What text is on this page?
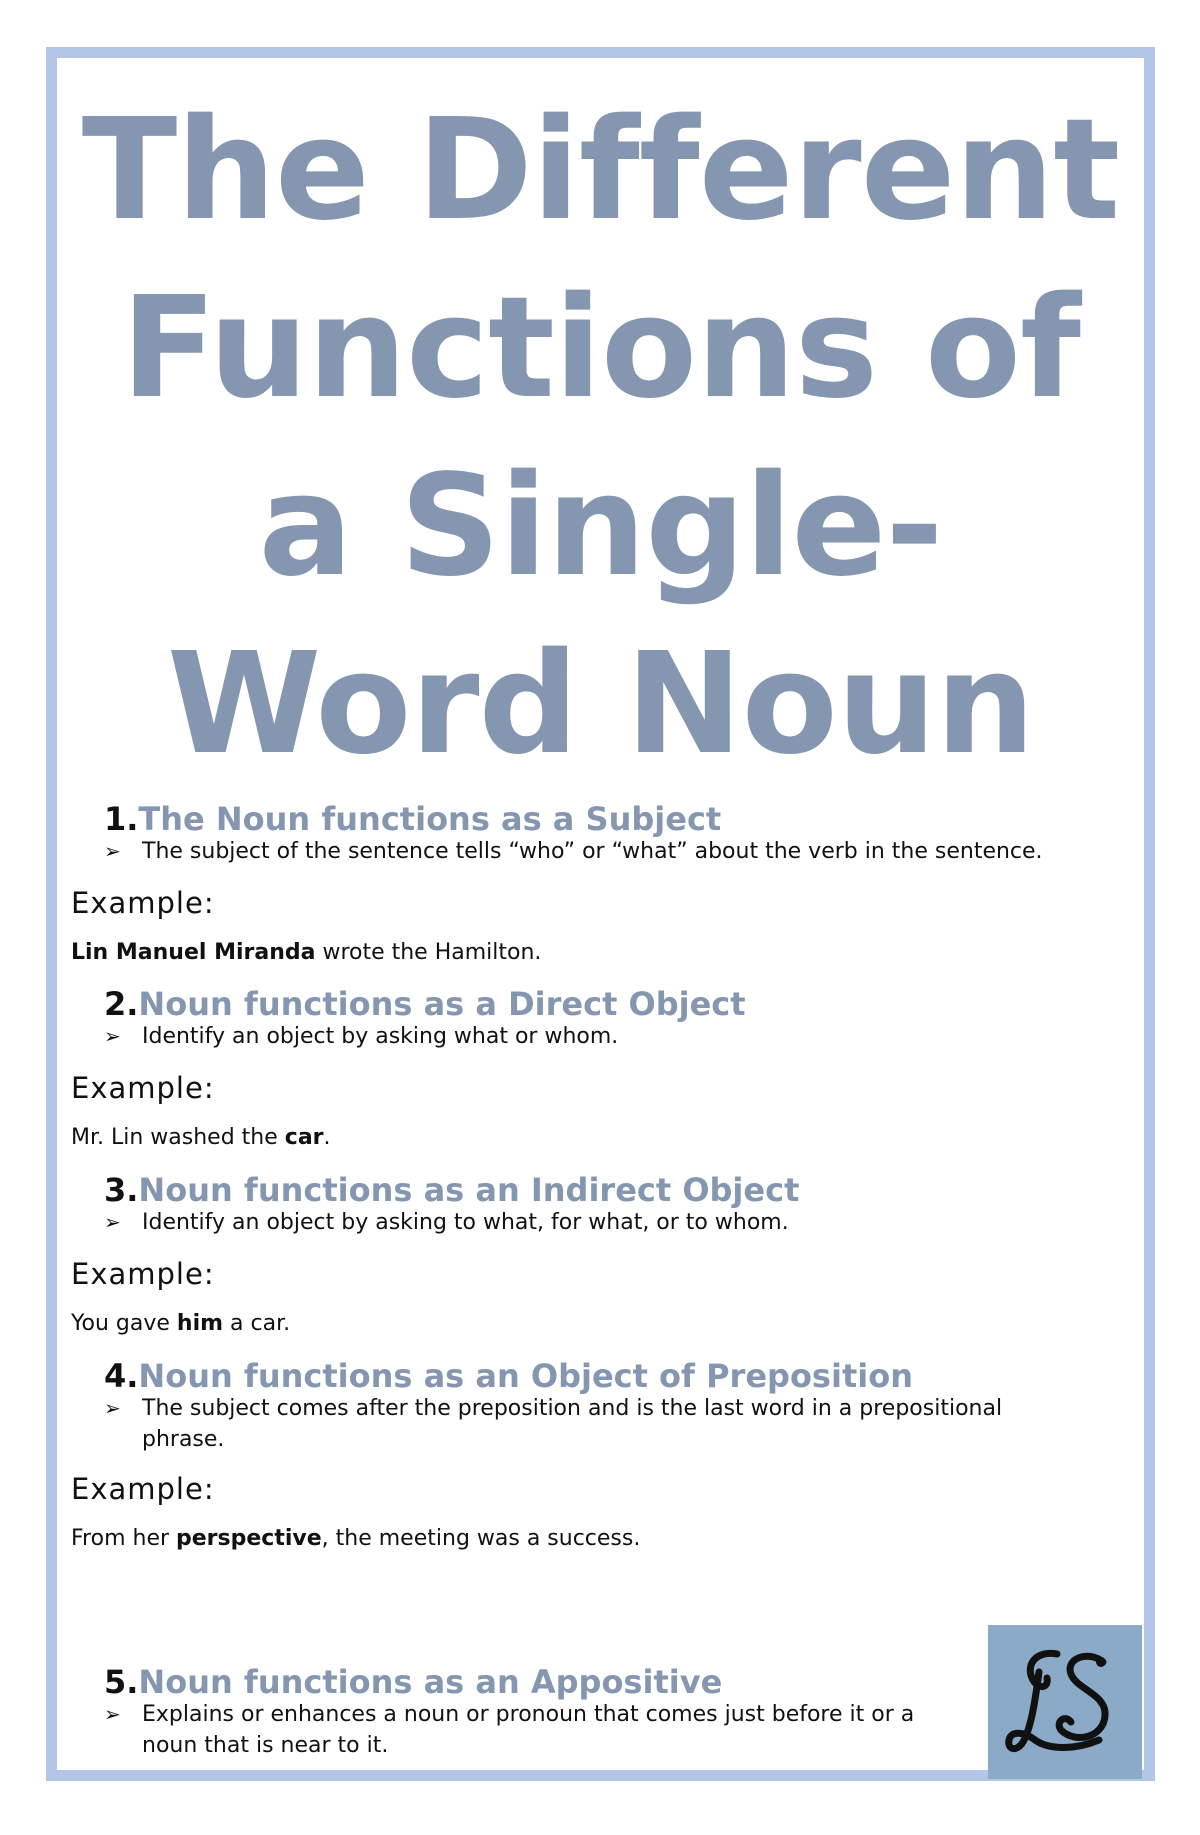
The Different Functions of a Single-Word Noun
1.The Noun functions as a Subject
➢ The subject of the sentence tells “who” or “what” about the verb in the sentence.

Example:

Lin Manuel Miranda wrote the Hamilton.

2.Noun functions as a Direct Object
➢ Identify an object by asking what or whom.

Example:

Mr. Lin washed the car.

3.Noun functions as an Indirect Object
➢ Identify an object by asking to what, for what, or to whom.

Example:

You gave him a car.

4.Noun functions as an Object of Preposition
➢ The subject comes after the preposition and is the last word in a prepositional phrase.

Example:

From her perspective, the meeting was a success.

5.Noun functions as an Appositive
➢ Explains or enhances a noun or pronoun that comes just before it or a noun that is near to it.
